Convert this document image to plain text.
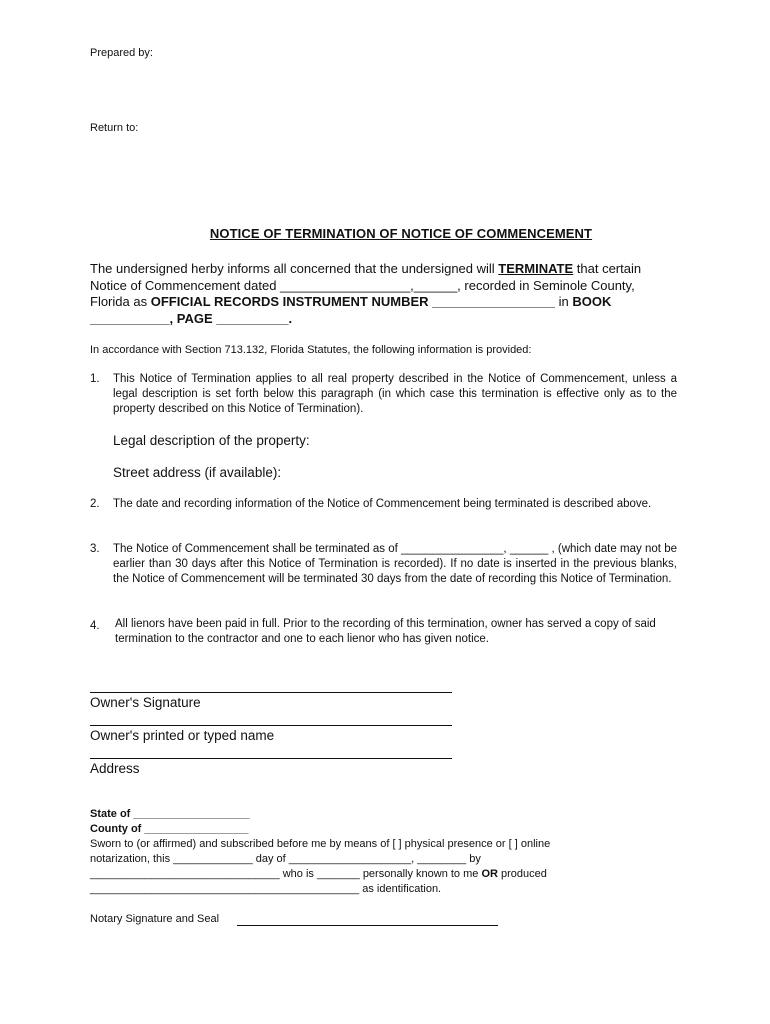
Prepared by:
Return to:
NOTICE OF TERMINATION OF NOTICE OF COMMENCEMENT
The undersigned herby informs all concerned that the undersigned will TERMINATE that certain
Notice of Commencement dated __________________,______, recorded in Seminole County,
Florida as OFFICIAL RECORDS INSTRUMENT NUMBER _________________ in BOOK
___________, PAGE __________.
In accordance with Section 713.132, Florida Statutes, the following information is provided:
1. This Notice of Termination applies to all real property described in the Notice of Commencement, unless a legal description is set forth below this paragraph (in which case this termination is effective only as to the property described on this Notice of Termination).
Legal description of the property:
Street address (if available):
2. The date and recording information of the Notice of Commencement being terminated is described above.
3. The Notice of Commencement shall be terminated as of ________________, ______ , (which date may not be earlier than 30 days after this Notice of Termination is recorded). If no date is inserted in the previous blanks, the Notice of Commencement will be terminated 30 days from the date of recording this Notice of Termination.
4. All lienors have been paid in full. Prior to the recording of this termination, owner has served a copy of said termination to the contractor and one to each lienor who has given notice.
Owner's Signature
Owner's printed or typed name
Address
State of ___________________
County of _________________
Sworn to (or affirmed) and subscribed before me by means of [ ] physical presence or [ ] online
notarization, this _____________ day of ____________________, ________ by
_______________________________ who is _______ personally known to me OR produced
____________________________________________ as identification.
Notary Signature and Seal
